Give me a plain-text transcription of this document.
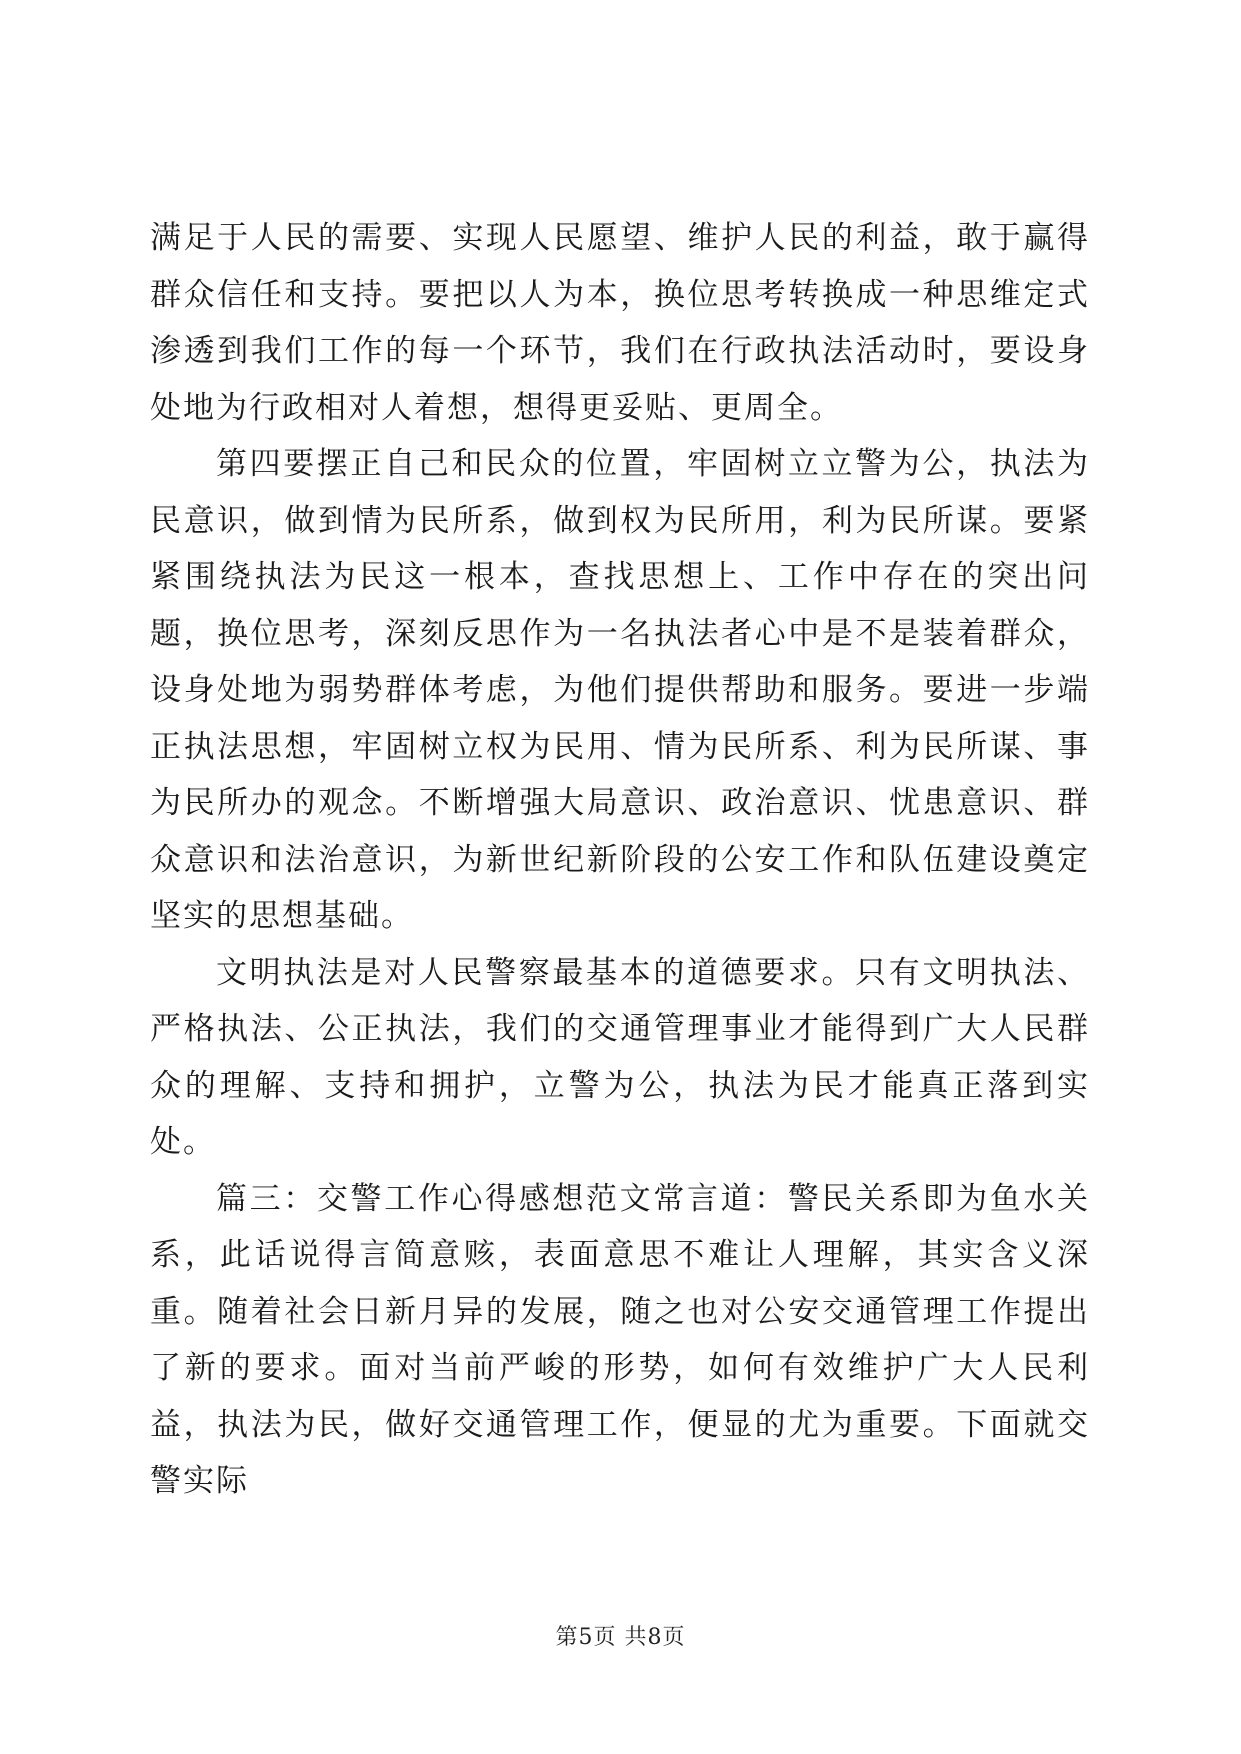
满足于人民的需要、实现人民愿望、维护人民的利益，敢于赢得群众信任和支持。要把以人为本，换位思考转换成一种思维定式渗透到我们工作的每一个环节，我们在行政执法活动时，要设身处地为行政相对人着想，想得更妥贴、更周全。

第四要摆正自己和民众的位置，牢固树立立警为公，执法为民意识，做到情为民所系，做到权为民所用，利为民所谋。要紧紧围绕执法为民这一根本，查找思想上、工作中存在的突出问题，换位思考，深刻反思作为一名执法者心中是不是装着群众，设身处地为弱势群体考虑，为他们提供帮助和服务。要进一步端正执法思想，牢固树立权为民用、情为民所系、利为民所谋、事为民所办的观念。不断增强大局意识、政治意识、忧患意识、群众意识和法治意识，为新世纪新阶段的公安工作和队伍建设奠定坚实的思想基础。

文明执法是对人民警察最基本的道德要求。只有文明执法、严格执法、公正执法，我们的交通管理事业才能得到广大人民群众的理解、支持和拥护，立警为公，执法为民才能真正落到实处。

篇三：交警工作心得感想范文常言道：警民关系即为鱼水关系，此话说得言简意赅，表面意思不难让人理解，其实含义深重。随着社会日新月异的发展，随之也对公安交通管理工作提出了新的要求。面对当前严峻的形势，如何有效维护广大人民利益，执法为民，做好交通管理工作，便显的尤为重要。下面就交警实际

第5页 共8页
